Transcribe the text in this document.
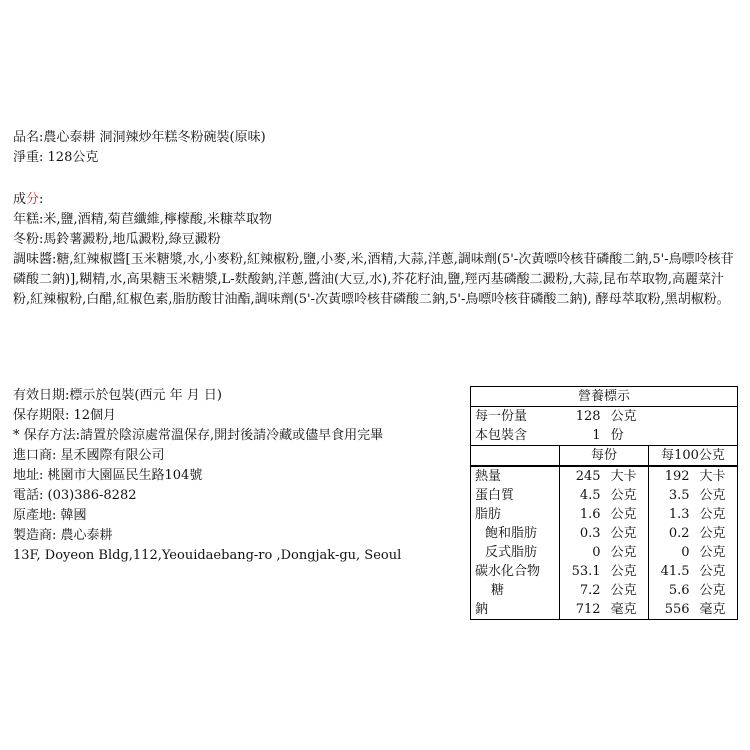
品名:農心泰耕 洞洞辣炒年糕冬粉碗裝(原味)
淨重: 128公克
成分:
年糕:米,鹽,酒精,菊苣纖維,檸檬酸,米糠萃取物
冬粉:馬鈴薯澱粉,地瓜澱粉,綠豆澱粉
調味醬:糖,紅辣椒醬[玉米糖漿,水,小麥粉,紅辣椒粉,鹽,小麥,米,酒精,大蒜,洋蔥,調味劑(5'-次黃嘌呤核苷磷酸二鈉,5'-鳥嘌呤核苷磷酸二鈉)],糊精,水,高果糖玉米糖漿,L-麩酸鈉,洋蔥,醬油(大豆,水),芥花籽油,鹽,羥丙基磷酸二澱粉,大蒜,昆布萃取物,高麗菜汁粉,紅辣椒粉,白醋,紅椒色素,脂肪酸甘油酯,調味劑(5'-次黃嘌呤核苷磷酸二鈉,5'-鳥嘌呤核苷磷酸二鈉), 酵母萃取粉,黑胡椒粉。
有效日期:標示於包裝(西元 年 月 日)
保存期限: 12個月
* 保存方法:請置於陰涼處常溫保存,開封後請冷藏或儘早食用完畢
進口商: 星禾國際有限公司
地址: 桃園市大園區民生路104號
電話: (03)386-8282
原產地: 韓國
製造商: 農心泰耕
13F, Doyeon Bldg,112,Yeouidaebang-ro ,Dongjak-gu, Seoul
營養標示				
每一份量	128	公克		
本包裝含	1	份		
	每份		每100公克	
熱量	245	大卡	192	大卡
蛋白質	4.5	公克	3.5	公克
脂肪	1.6	公克	1.3	公克
飽和脂肪	0.3	公克	0.2	公克
反式脂肪	0	公克	0	公克
碳水化合物	53.1	公克	41.5	公克
糖	7.2	公克	5.6	公克
鈉	712	毫克	556	毫克
